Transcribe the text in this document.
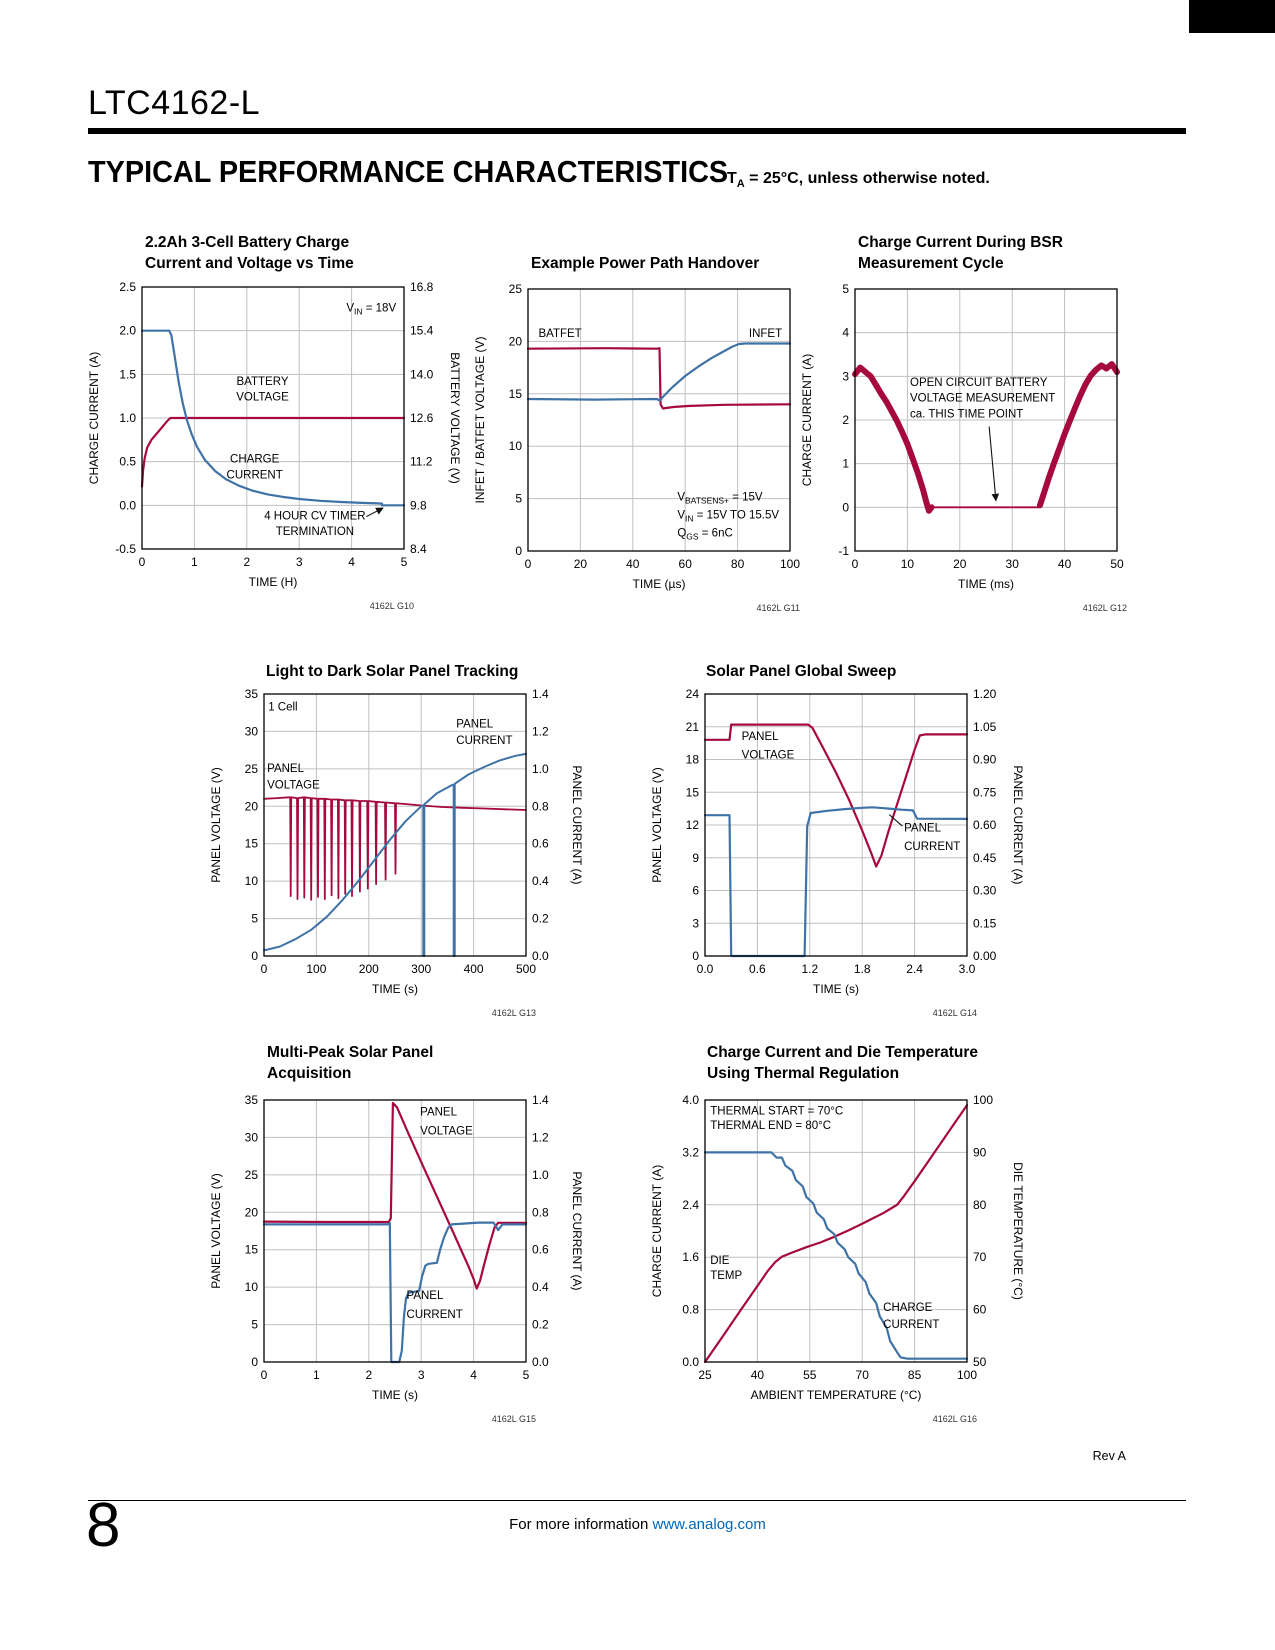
LTC4162-L
TYPICAL PERFORMANCE CHARACTERISTICS
$T_A = 25^\circ C$, unless otherwise noted.
2.2Ah 3-Cell Battery Charge
Current and Voltage vs Time
0	1	2	3	4	5
-0.5
0.0
0.5
1.0
1.5
2.0
2.5
8.4
9.8
11.2
12.6
14.0
15.4
16.8
TIME (H)
CHARGE CURRENT (A)	BATTERY VOLTAGE (V)
$V_{IN} = 18V$
BATTERY
VOLTAGE
CHARGE
CURRENT
4 HOUR CV TIMER
TERMINATION
4162L G10
Example Power Path Handover
0	20	40	60	80	100
0
5
10
15
20
25
TIME (µs)
INFET / BATFET VOLTAGE (V)
BATFET	INFET
$V_{BATSENS+} = 15V$
$V_{IN} = 15V$ TO 15.5V
$Q_{GS} = 6nC$
4162L G11
Charge Current During BSR
Measurement Cycle
0	10	20	30	40	50
-1
0
1
2
3
4
5
TIME (ms)
CHARGE CURRENT (A)	OPEN CIRCUIT BATTERY
VOLTAGE MEASUREMENT
ca. THIS TIME POINT
4162L G12
Light to Dark Solar Panel Tracking
0	100	200	300	400	500
0
5
10
15
20
25
30
35
0.0
0.2
0.4
0.6
0.8
1.0
1.2
1.4
TIME (s)
PANEL VOLTAGE (V)	PANEL CURRENT (A)
1 Cell
PANEL
CURRENT
PANEL
VOLTAGE
4162L G13
Solar Panel Global Sweep
0.0	0.6	1.2	1.8	2.4	3.0
0
3
6
9
12
15
18
21
24
0.00
0.15
0.30
0.45
0.60
0.75
0.90
1.05
1.20
TIME (s)
PANEL VOLTAGE (V)	PANEL CURRENT (A)
PANEL
VOLTAGE
PANEL
CURRENT
4162L G14
Multi-Peak Solar Panel
Acquisition
0	1	2	3	4	5
0
5
10
15
20
25
30
35
0.0
0.2
0.4
0.6
0.8
1.0
1.2
1.4
TIME (s)
PANEL VOLTAGE (V)	PANEL CURRENT (A)
PANEL
VOLTAGE
PANEL
CURRENT
4162L G15
Charge Current and Die Temperature
Using Thermal Regulation
25	40	55	70	85	100
0.0
0.8
1.6
2.4
3.2
4.0
50
60
70
80
90
100
AMBIENT TEMPERATURE (°C)
CHARGE CURRENT (A)	DIE TEMPERATURE (°C)
THERMAL START = 70°C
THERMAL END = 80°C
DIE
TEMP
CHARGE
CURRENT
4162L G16
Rev A
8	For more information www.analog.com
